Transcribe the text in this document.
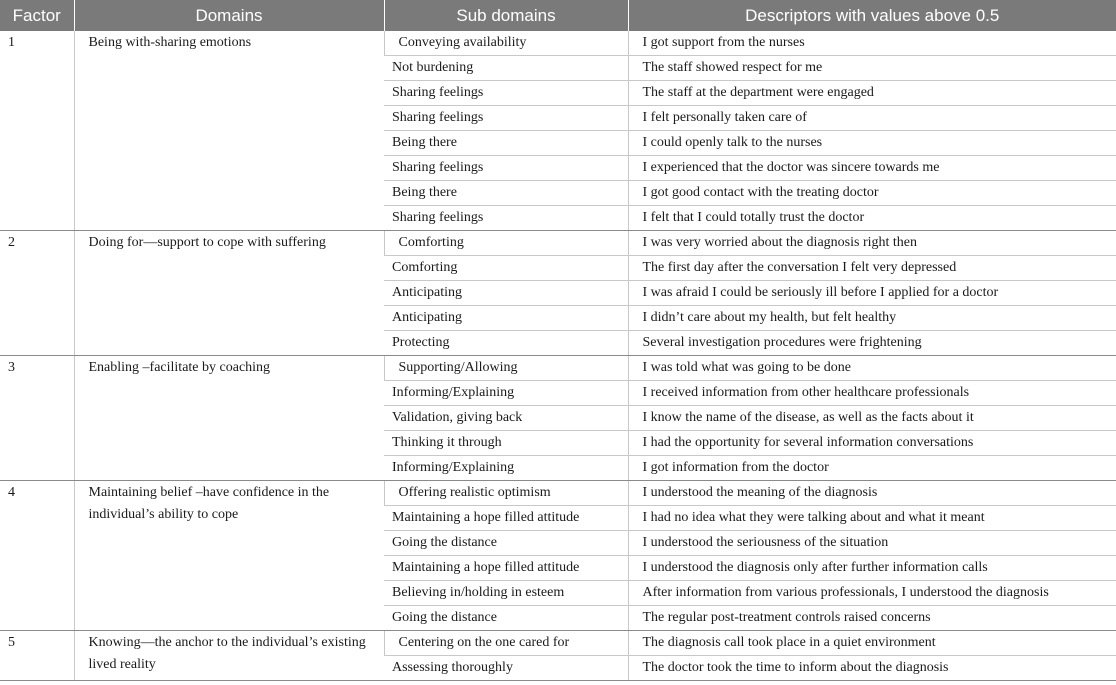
Factor	Domains	Sub domains	Descriptors with values above 0.5
1	Being with-sharing emotions	Conveying availability	I got support from the nurses
		Not burdening	The staff showed respect for me
		Sharing feelings	The staff at the department were engaged
		Sharing feelings	I felt personally taken care of
		Being there	I could openly talk to the nurses
		Sharing feelings	I experienced that the doctor was sincere towards me
		Being there	I got good contact with the treating doctor
		Sharing feelings	I felt that I could totally trust the doctor
2	Doing for—support to cope with suffering	Comforting	I was very worried about the diagnosis right then
		Comforting	The first day after the conversation I felt very depressed
		Anticipating	I was afraid I could be seriously ill before I applied for a doctor
		Anticipating	I didn’t care about my health, but felt healthy
		Protecting	Several investigation procedures were frightening
3	Enabling –facilitate by coaching	Supporting/Allowing	I was told what was going to be done
		Informing/Explaining	I received information from other healthcare professionals
		Validation, giving back	I know the name of the disease, as well as the facts about it
		Thinking it through	I had the opportunity for several information conversations
		Informing/Explaining	I got information from the doctor
4	Maintaining belief –have confidence in the individual’s ability to cope	Offering realistic optimism	I understood the meaning of the diagnosis
		Maintaining a hope filled attitude	I had no idea what they were talking about and what it meant
		Going the distance	I understood the seriousness of the situation
		Maintaining a hope filled attitude	I understood the diagnosis only after further information calls
		Believing in/holding in esteem	After information from various professionals, I understood the diagnosis
		Going the distance	The regular post-treatment controls raised concerns
5	Knowing—the anchor to the individual’s existing lived reality	Centering on the one cared for	The diagnosis call took place in a quiet environment
		Assessing thoroughly	The doctor took the time to inform about the diagnosis
